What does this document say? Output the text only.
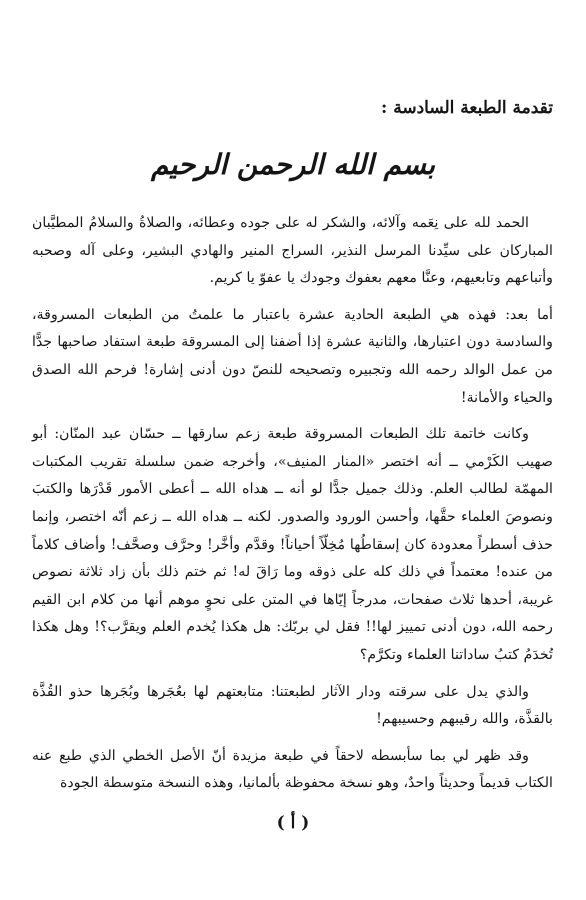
تقدمة الطبعة السادسة :
بسم الله الرحمن الرحيم

الحمد لله على نِعَمه وآلائه، والشكر له على جوده وعطائه، والصلاةُ والسلامُ المطيَّبان المباركان على سيِّدنا المرسل النذير، السراج المنير والهادي البشير، وعلى آله وصحبه وأتباعهم وتابعيهم، وعنَّا معهم بعفوك وجودك يا عفوّ يا كريم.

أما بعد: فهذه هي الطبعة الحادية عشرة باعتبار ما علمتُ من الطبعات المسروقة، والسادسة دون اعتبارها، والثانية عشرة إذا أضفنا إلى المسروقة طبعة استفاد صاحبها جدًّا من عمل الوالد رحمه الله وتجبيره وتصحيحه للنصّ دون أدنى إشارة! فرحم الله الصدق والحياء والأمانة!

وكانت خاتمة تلك الطبعات المسروقة طبعة زعم سارقها ــ حسّان عبد المنّان: أبو صهيب الكَرْمي ــ أنه اختصر «المنار المنيف»، وأخرجه ضمن سلسلة تقريب المكتبات المهمّة لطالب العلم. وذلك جميل جدًّا لو أنه ــ هداه الله ــ أعطى الأمور قَدْرَها والكتبَ ونصوصَ العلماء حقَّها، وأحسن الورود والصدور. لكنه ــ هداه الله ــ زعم أنّه اختصر، وإنما حذف أسطراً معدودة كان إسقاطُها مُخِلّاً أحياناً! وقدَّم وأخَّر! وحرَّف وصحَّف! وأضاف كلاماً من عنده! معتمداً في ذلك كله على ذوقه وما رَاقَ له! ثم ختم ذلك بأن زاد ثلاثة نصوص غريبة، أحدها ثلاث صفحات، مدرجاً إيّاها في المتن على نحوٍ موهم أنها من كلام ابن القيم رحمه الله، دون أدنى تمييز لها!! فقل لي بربّك: هل هكذا يُخدم العلم ويقرَّب؟! وهل هكذا تُخدَمُ كتبُ ساداتنا العلماء وتكرَّم؟

والذي يدل على سرقته ودار الآثار لطبعتنا: متابعتهم لها بعُجَرها وبُجَرها حذو القُذَّة بالقذَّة، والله رقيبهم وحسيبهم!

وقد ظهر لي بما سأبسطه لاحقاً في طبعة مزيدة أنّ الأصل الخطي الذي طبع عنه الكتاب قديماً وحديثاً واحدٌ، وهو نسخة محفوظة بألمانيا، وهذه النسخة متوسطة الجودة

( أ )
